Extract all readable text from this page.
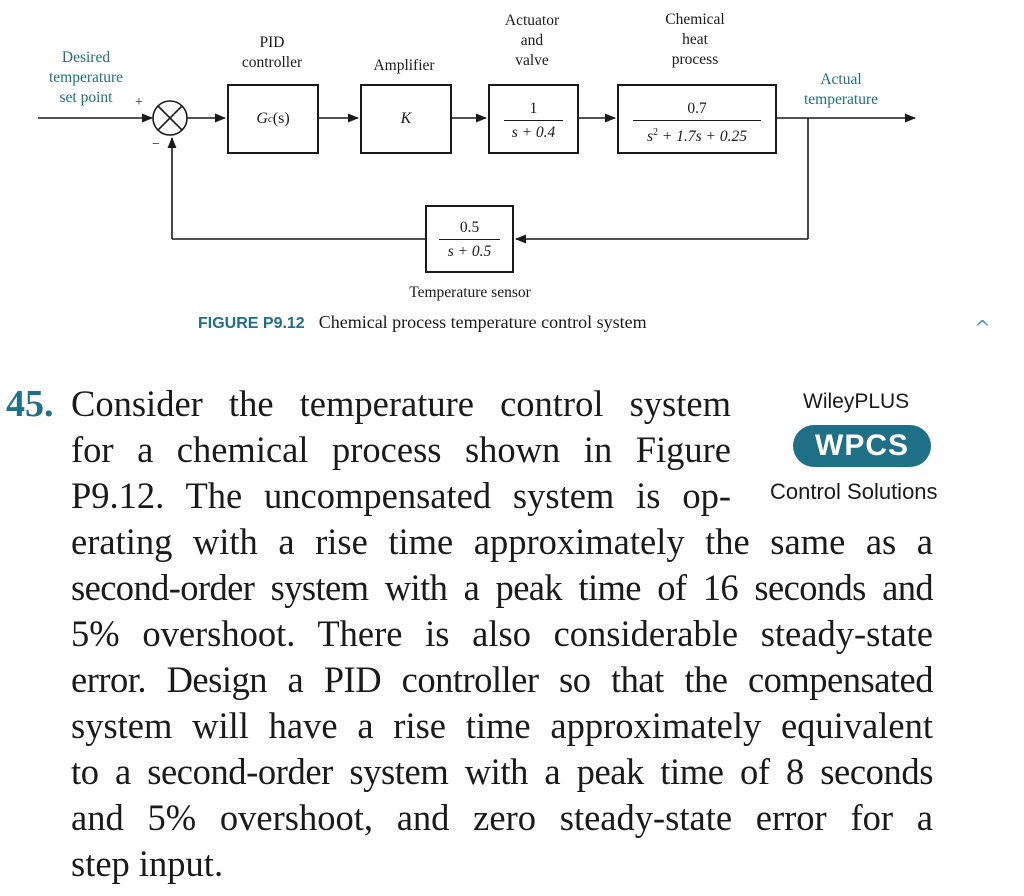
Desired
temperature
set point	+
−
PID
controller	Amplifier
Actuator
and
valve
Chemical
heat
process
Actual
temperature
G c (s)	K
1
s + 0.4
0.7
$s^2 + 1.7s + 0.25$
0.5
s + 0.5
Temperature sensor
FIGURE P9.12 Chemical process temperature control system	^
45. Consider the temperature control system
for a chemical process shown in Figure
P9.12. The uncompensated system is op-
erating with a rise time approximately the same as a
second-order system with a peak time of 16 seconds and
5% overshoot. There is also considerable steady-state
error. Design a PID controller so that the compensated
system will have a rise time approximately equivalent
to a second-order system with a peak time of 8 seconds
and 5% overshoot, and zero steady-state error for a
step input.
WileyPLUS
WPCS
Control Solutions
